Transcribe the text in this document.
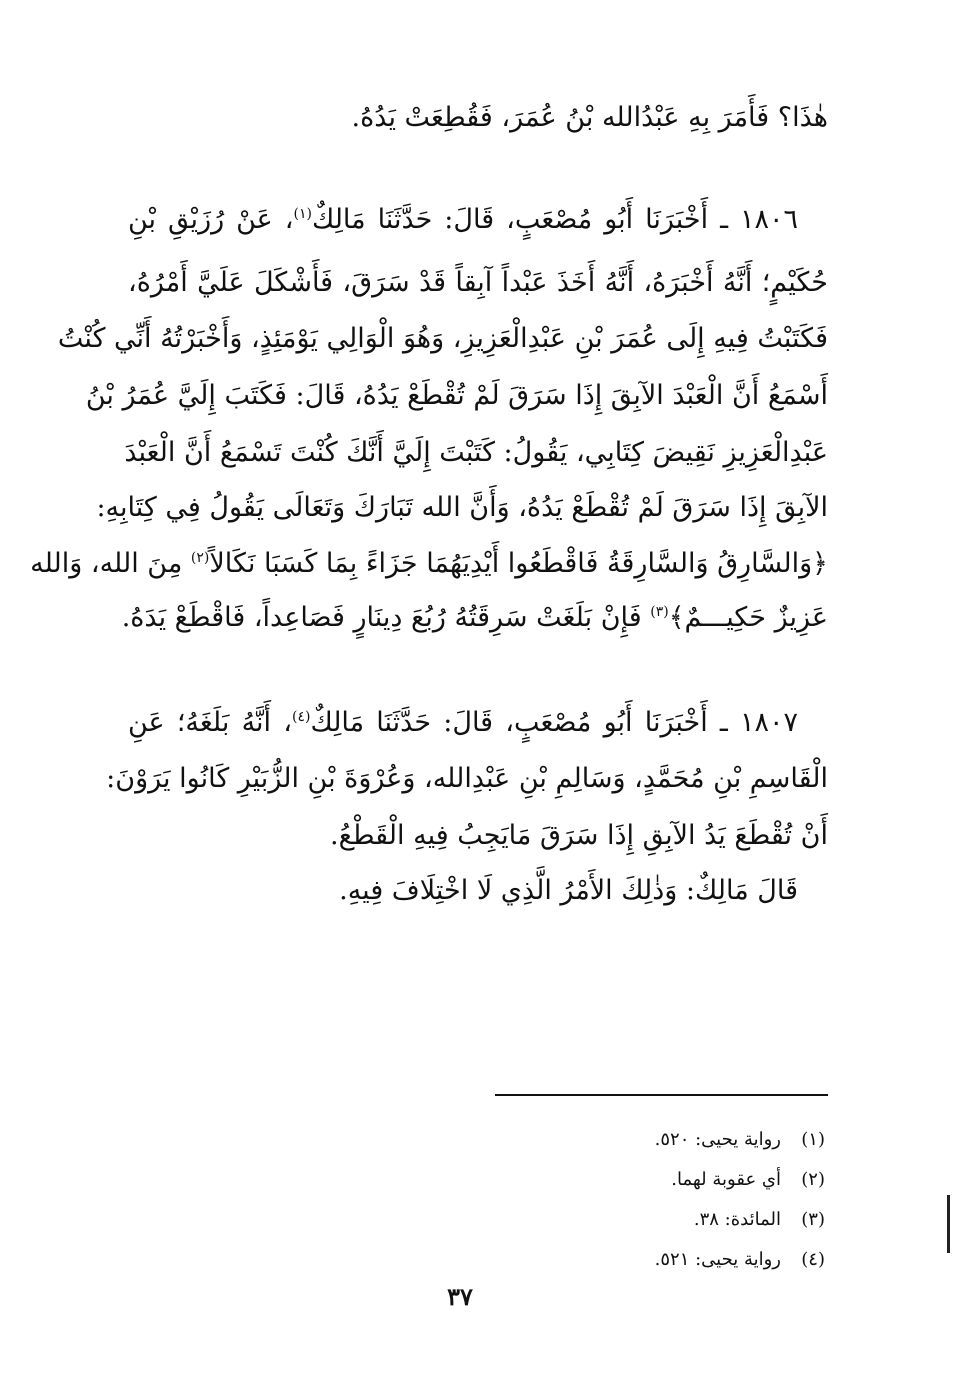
هٰذَا؟ فَأَمَرَ بِهِ عَبْدُالله بْنُ عُمَرَ، فَقُطِعَتْ يَدُهُ.
١٨٠٦ ـ أَخْبَرَنَا أَبُو مُصْعَبٍ، قَالَ: حَدَّثَنَا مَالِكٌ$^{(١)}$، عَنْ رُزَيْقِ بْنِ
حُكَيْمٍ؛ أَنَّهُ أَخْبَرَهُ، أَنَّهُ أَخَذَ عَبْداً آبِقاً قَدْ سَرَقَ، فَأَشْكَلَ عَلَيَّ أَمْرُهُ،
فَكَتَبْتُ فِيهِ إِلَى عُمَرَ بْنِ عَبْدِالْعَزِيزِ، وَهُوَ الْوَالِي يَوْمَئِذٍ، وَأَخْبَرْتُهُ أَنِّي كُنْتُ
أَسْمَعُ أَنَّ الْعَبْدَ الآبِقَ إِذَا سَرَقَ لَمْ تُقْطَعْ يَدُهُ، قَالَ: فَكَتَبَ إِلَيَّ عُمَرُ بْنُ
عَبْدِالْعَزِيزِ نَقِيضَ كِتَابِي، يَقُولُ: كَتَبْتَ إِلَيَّ أَنَّكَ كُنْتَ تَسْمَعُ أَنَّ الْعَبْدَ
الآبِقَ إِذَا سَرَقَ لَمْ تُقْطَعْ يَدُهُ، وَأَنَّ الله تَبَارَكَ وَتَعَالَى يَقُولُ فِي كِتَابِهِ:
﴿وَالسَّارِقُ وَالسَّارِقَةُ فَاقْطَعُوا أَيْدِيَهُمَا جَزَاءً بِمَا كَسَبَا نَكَالاً$^{(٢)}$ مِنَ الله، وَالله
عَزِيزٌ حَكِيـــمٌ﴾$^{(٣)}$ فَإِنْ بَلَغَتْ سَرِقَتُهُ رُبُعَ دِينَارٍ فَصَاعِداً، فَاقْطَعْ يَدَهُ.
١٨٠٧ ـ أَخْبَرَنَا أَبُو مُصْعَبٍ، قَالَ: حَدَّثَنَا مَالِكٌ$^{(٤)}$، أَنَّهُ بَلَغَهُ؛ عَنِ
الْقَاسِمِ بْنِ مُحَمَّدٍ، وَسَالِمِ بْنِ عَبْدِالله، وَعُرْوَةَ بْنِ الزُّبَيْرِ كَانُوا يَرَوْنَ:
أَنْ تُقْطَعَ يَدُ الآبِقِ إِذَا سَرَقَ مَايَجِبُ فِيهِ الْقَطْعُ.
قَالَ مَالِكٌ: وَذٰلِكَ الأَمْرُ الَّذِي لَا اخْتِلَافَ فِيهِ.
(١)رواية يحيى: ٥٢٠.
(٢)أي عقوبة لهما.
(٣)المائدة: ٣٨.
(٤)رواية يحيى: ٥٢١.
٣٧
